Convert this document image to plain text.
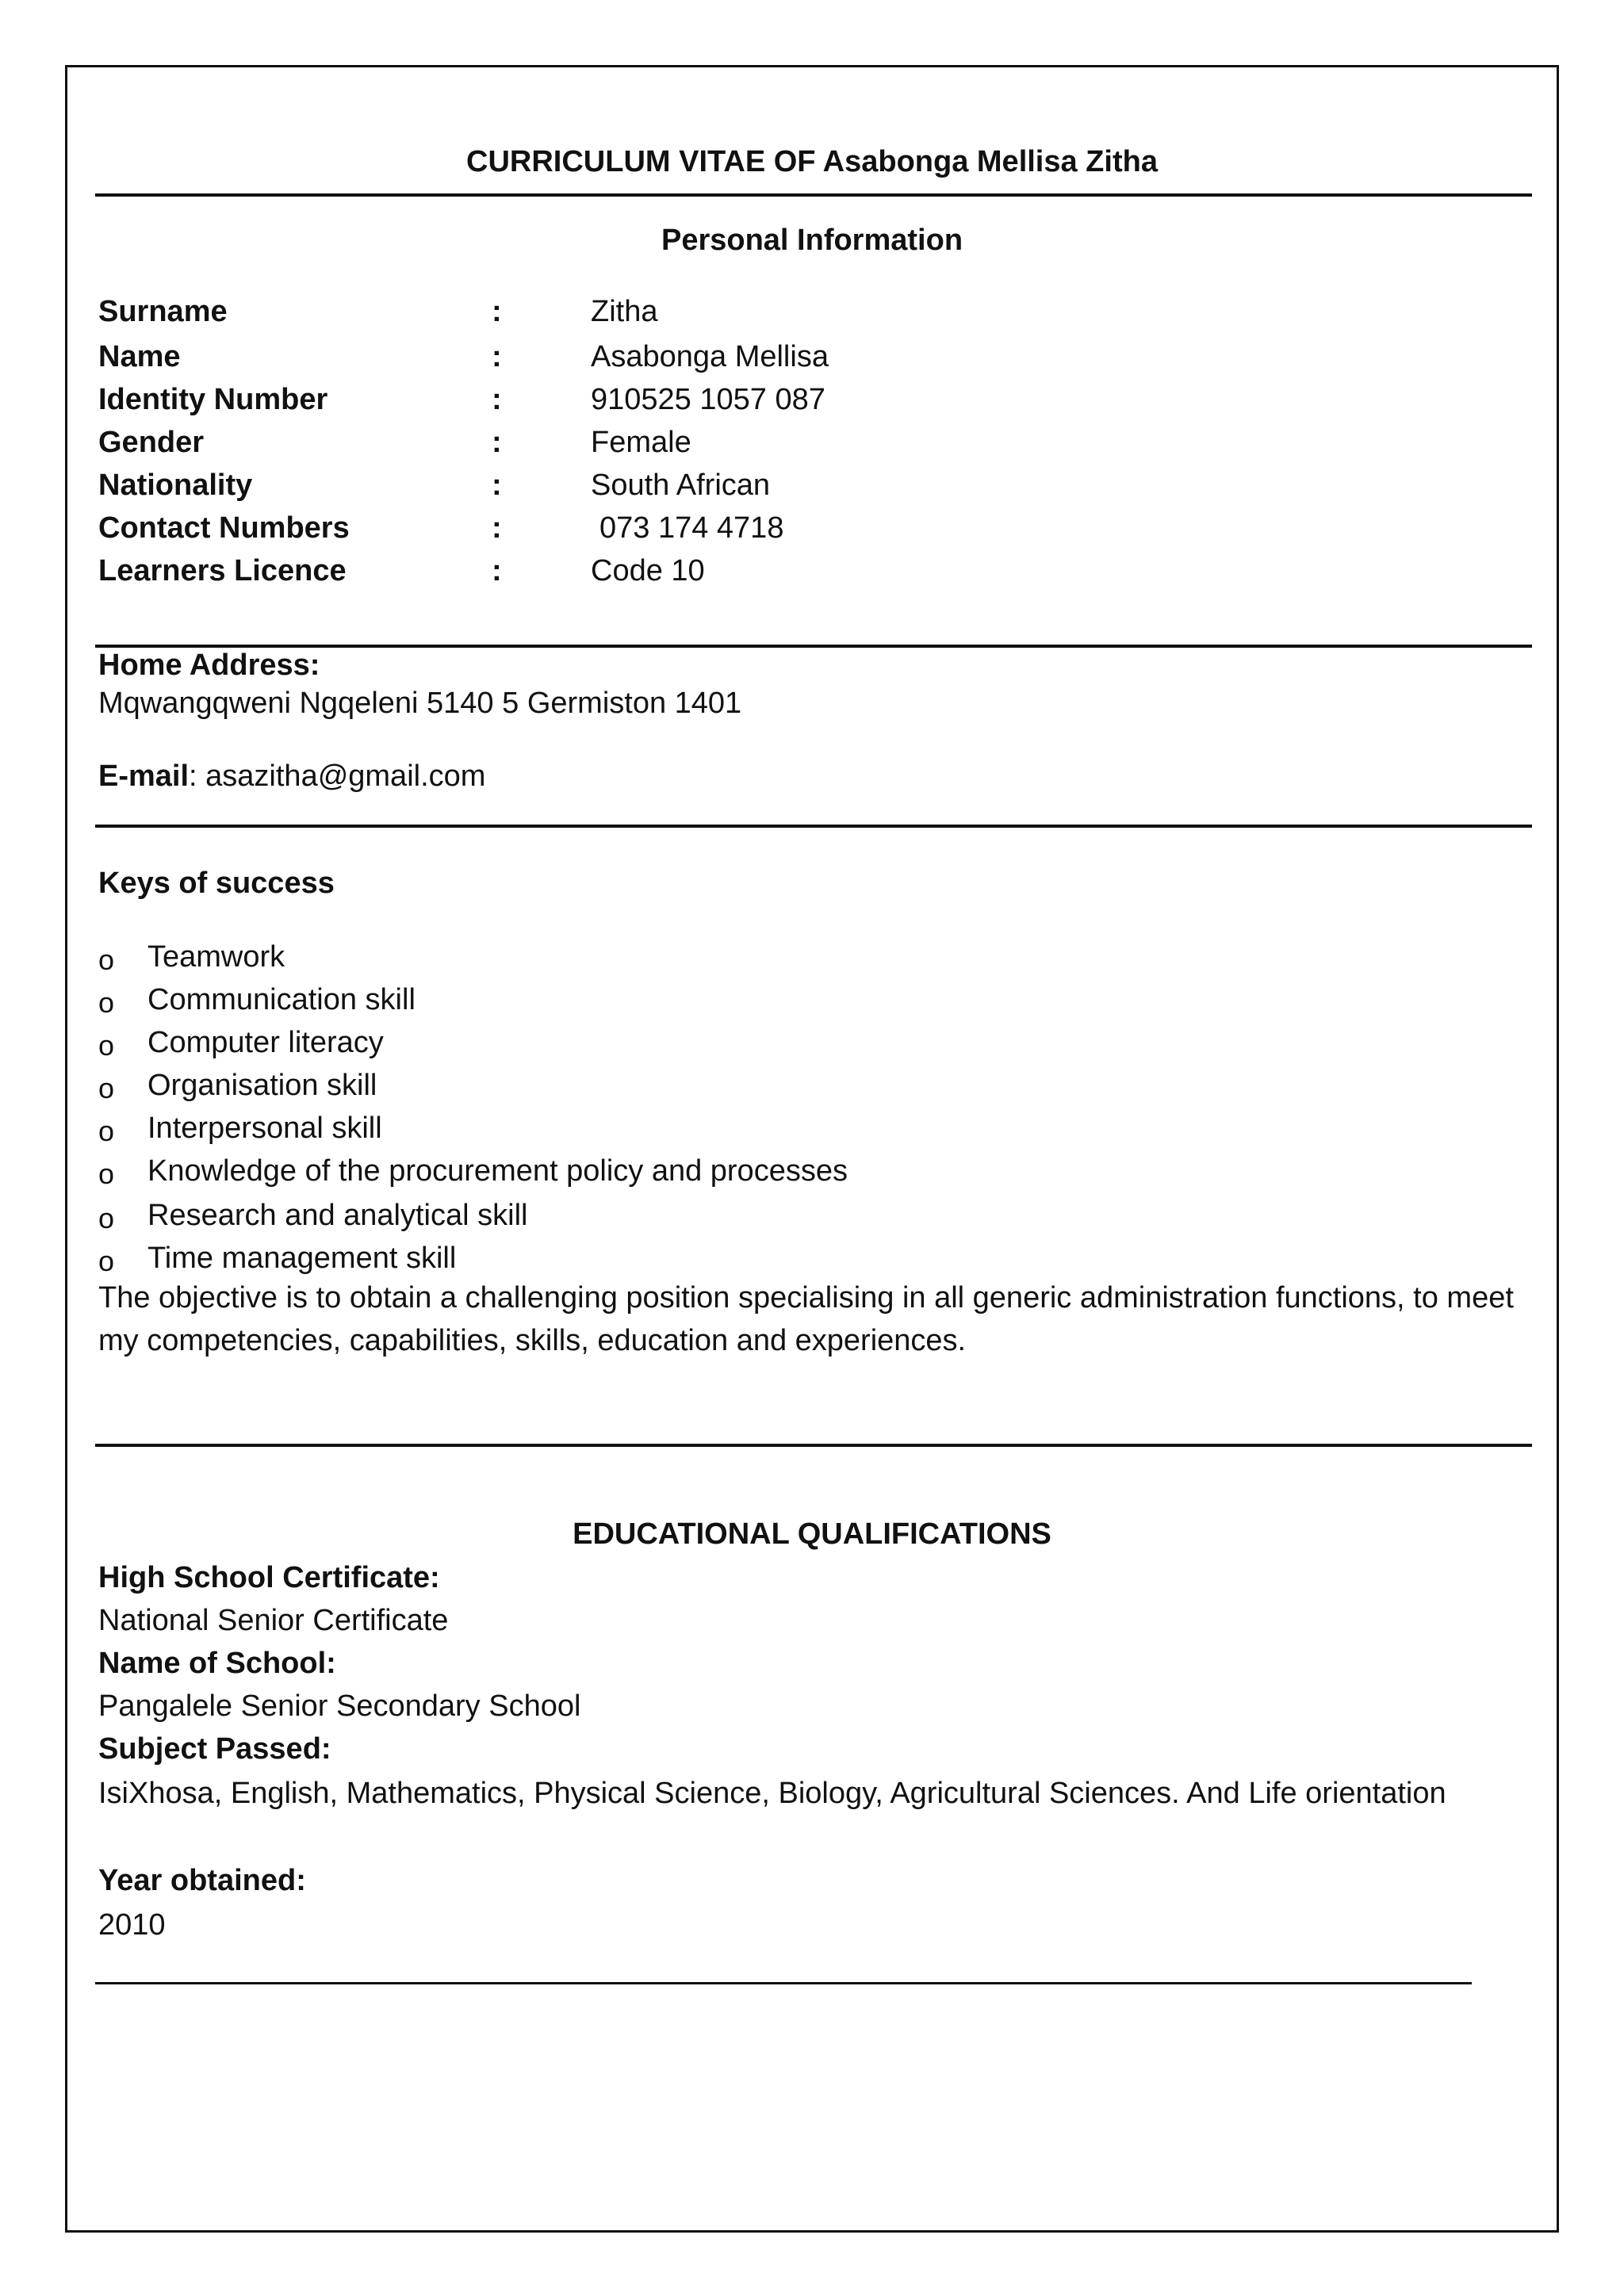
CURRICULUM VITAE OF Asabonga Mellisa Zitha
Personal Information
Surname	:	Zitha
Name	:	Asabonga Mellisa
Identity Number	:	910525 1057 087
Gender	:	Female
Nationality	:	South African
Contact Numbers	:	073 174 4718
Learners Licence	:	Code 10
Home Address:
Mqwangqweni Ngqeleni 5140 5 Germiston 1401
E-mail: asazitha@gmail.com
Keys of success
o Teamwork
o Communication skill
o Computer literacy
o Organisation skill
o Interpersonal skill
o Knowledge of the procurement policy and processes
o Research and analytical skill
o Time management skill
The objective is to obtain a challenging position specialising in all generic administration functions, to meet my competencies, capabilities, skills, education and experiences.
EDUCATIONAL QUALIFICATIONS
High School Certificate:
National Senior Certificate
Name of School:
Pangalele Senior Secondary School
Subject Passed:
IsiXhosa, English, Mathematics, Physical Science, Biology, Agricultural Sciences. And Life orientation
Year obtained:
2010
